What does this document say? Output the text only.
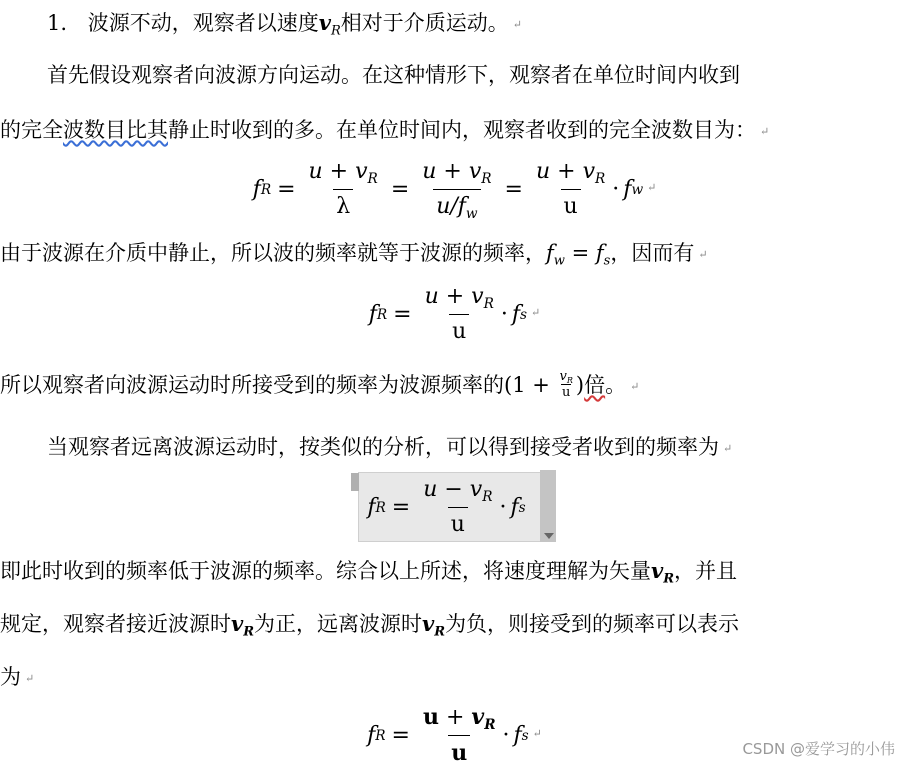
1. 波源不动，观察者以速度$v_R$相对于介质运动。 ↵
首先假设观察者向波源方向运动。在这种情形下，观察者在单位时间内收到
的完全波数目比其静止时收到的多。在单位时间内，观察者收到的完全波数目为： ↵
f $R = \frac{u + v_R}{\lambda} = \frac{u + v_R}{u/f_w} = \frac{u + v_R}{u} \cdot f$ w ↵
由于波源在介质中静止，所以波的频率就等于波源的频率，$f_w = f_s$，因而有 ↵
f $R = \frac{u + v_R}{u} \cdot f$ s ↵
所以观察者向波源运动时所接受到的频率为波源频率的($1 + \frac{v_R}{u}$ )倍。 ↵
当观察者远离波源运动时，按类似的分析，可以得到接受者收到的频率为 ↵
f $R = \frac{u - v_R}{u} \cdot f$ s
即此时收到的频率低于波源的频率。综合以上所述，将速度理解为矢量$v_R$，并且
规定，观察者接近波源时$v_R$为正，远离波源时$v_R$为负，则接受到的频率可以表示
为 ↵
f $R = \frac{u + v_R}{u} \cdot f$ s ↵
CSDN @爱学习的小伟
